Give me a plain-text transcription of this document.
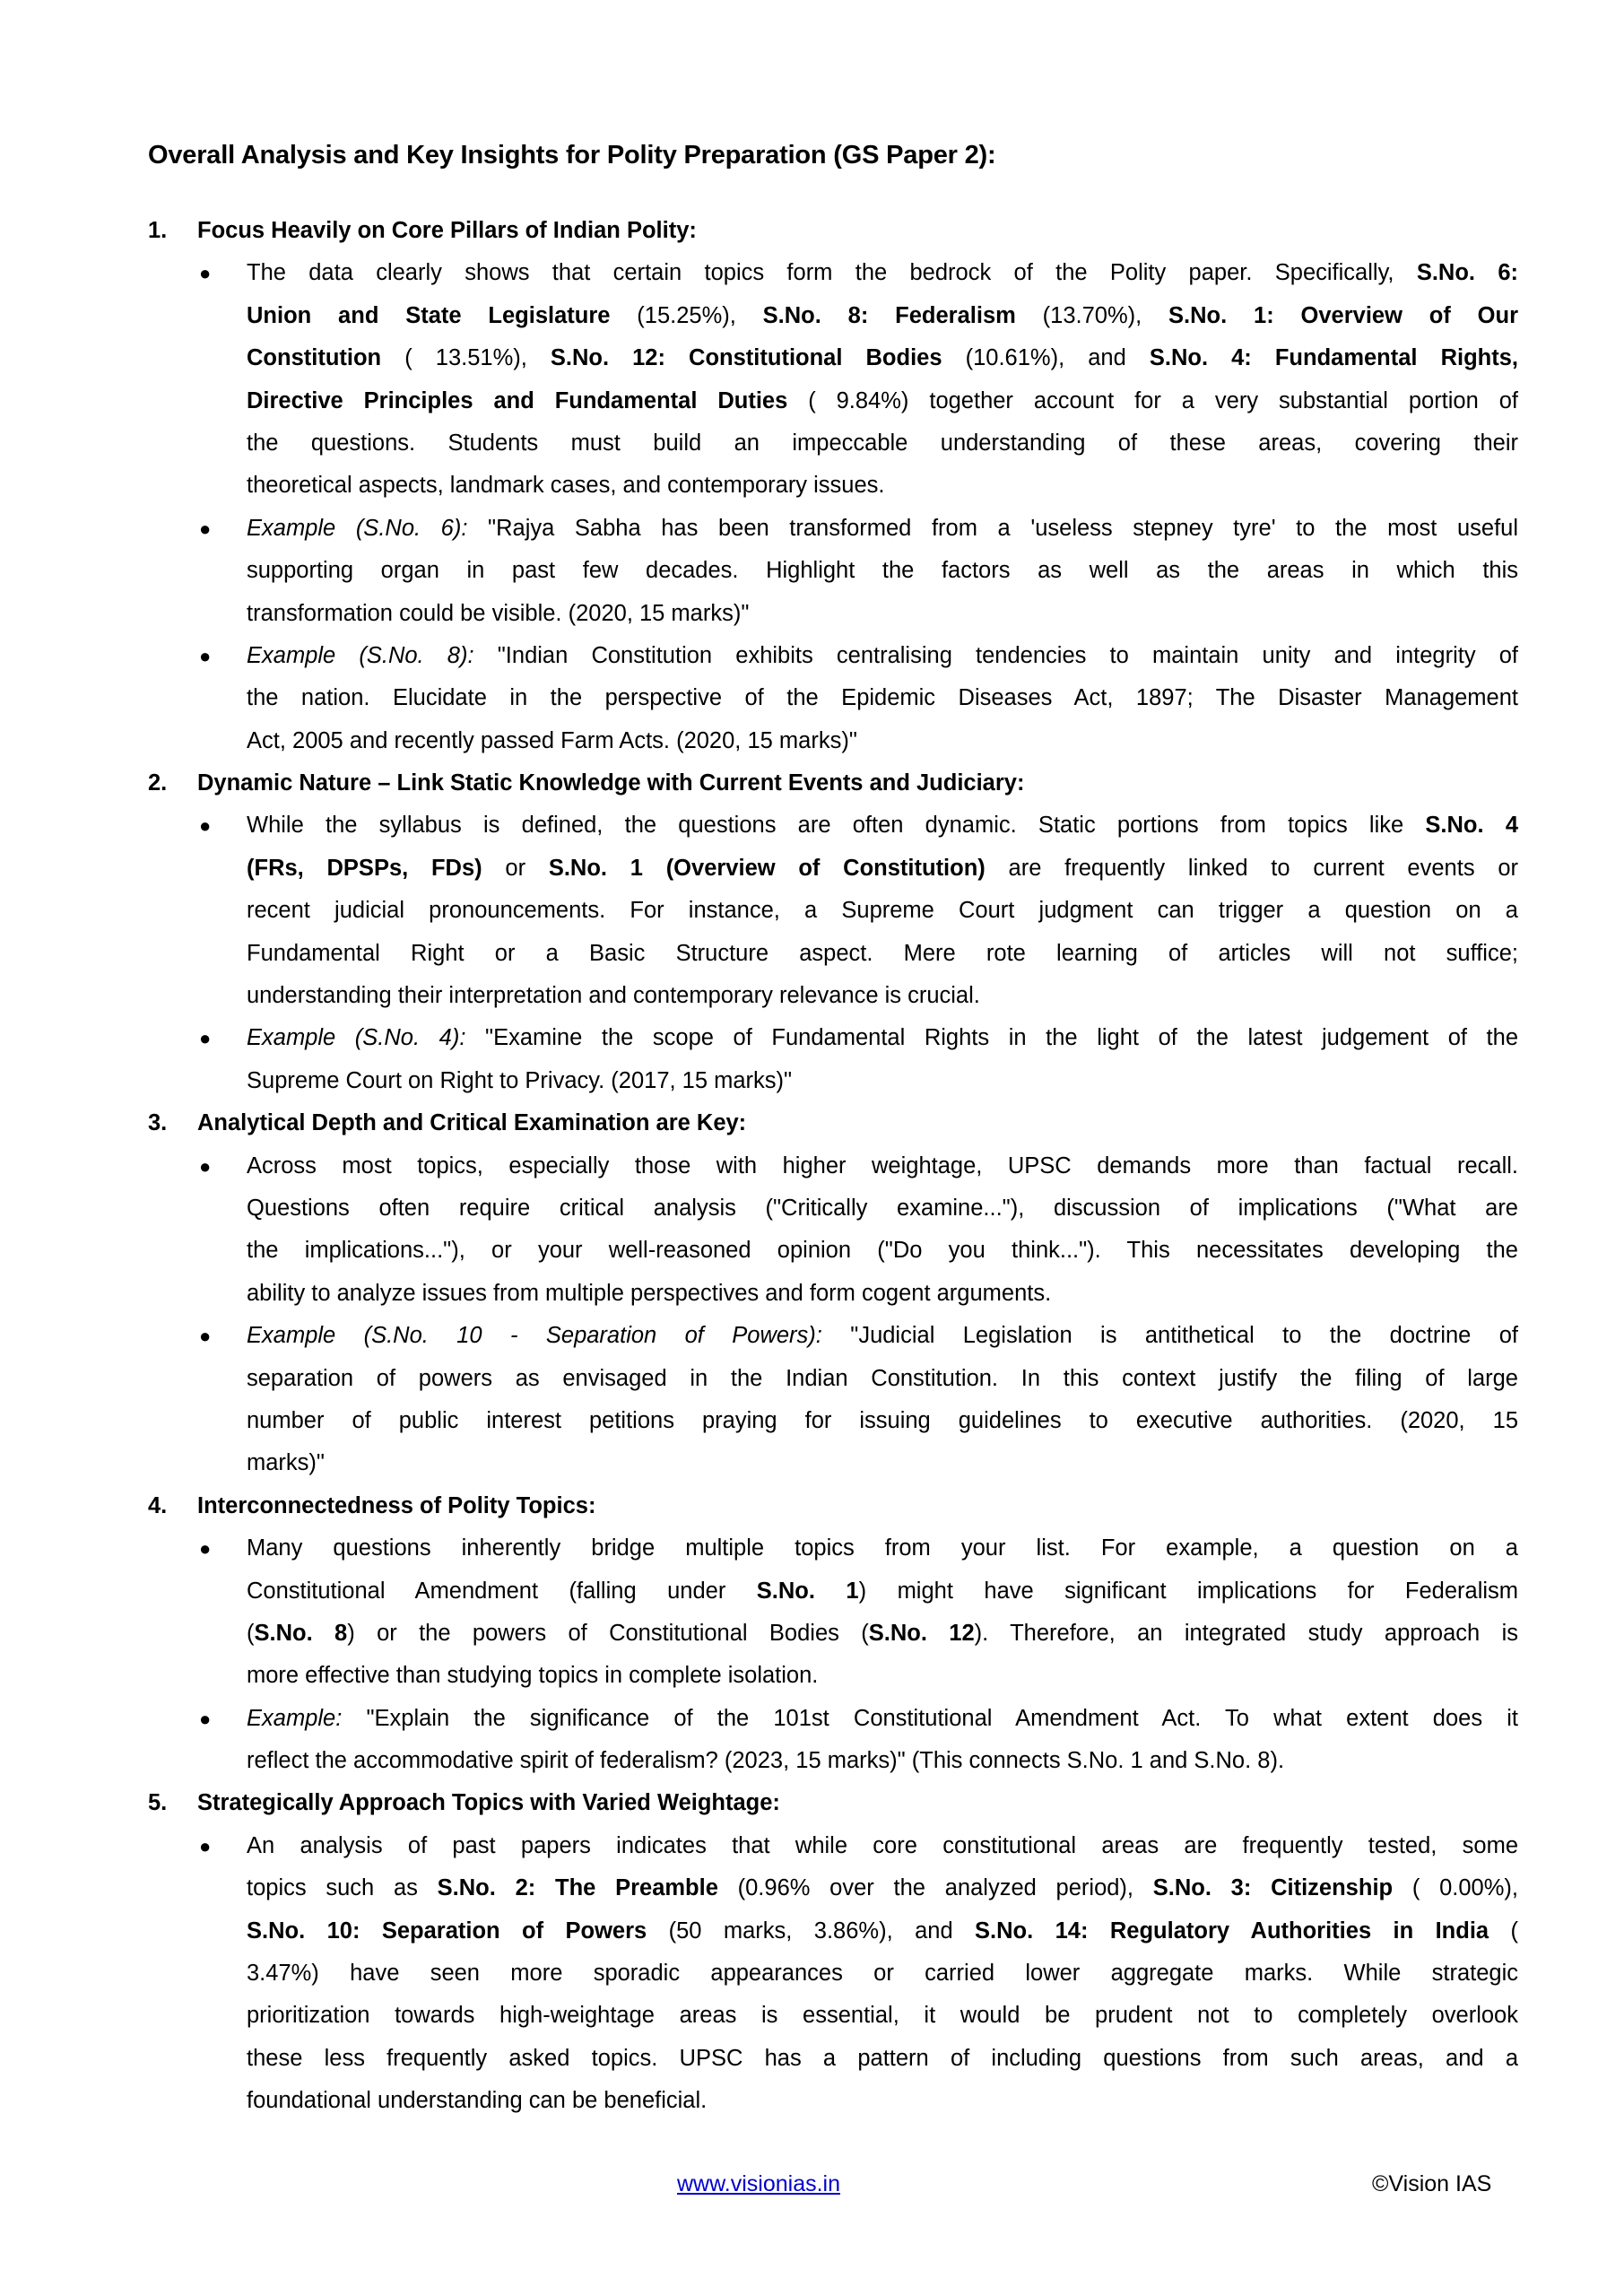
Overall Analysis and Key Insights for Polity Preparation (GS Paper 2):
1. Focus Heavily on Core Pillars of Indian Polity:
● The data clearly shows that certain topics form the bedrock of the Polity paper. Specifically, S.No. 6:
Union and State Legislature (15.25%), S.No. 8: Federalism (13.70%), S.No. 1: Overview of Our
Constitution ( 13.51%), S.No. 12: Constitutional Bodies (10.61%), and S.No. 4: Fundamental Rights,
Directive Principles and Fundamental Duties ( 9.84%) together account for a very substantial portion of
the questions. Students must build an impeccable understanding of these areas, covering their
theoretical aspects, landmark cases, and contemporary issues.
● Example (S.No. 6): "Rajya Sabha has been transformed from a 'useless stepney tyre' to the most useful
supporting organ in past few decades. Highlight the factors as well as the areas in which this
transformation could be visible. (2020, 15 marks)"
● Example (S.No. 8): "Indian Constitution exhibits centralising tendencies to maintain unity and integrity of
the nation. Elucidate in the perspective of the Epidemic Diseases Act, 1897; The Disaster Management
Act, 2005 and recently passed Farm Acts. (2020, 15 marks)"
2. Dynamic Nature – Link Static Knowledge with Current Events and Judiciary:
● While the syllabus is defined, the questions are often dynamic. Static portions from topics like S.No. 4
(FRs, DPSPs, FDs) or S.No. 1 (Overview of Constitution) are frequently linked to current events or
recent judicial pronouncements. For instance, a Supreme Court judgment can trigger a question on a
Fundamental Right or a Basic Structure aspect. Mere rote learning of articles will not suffice;
understanding their interpretation and contemporary relevance is crucial.
● Example (S.No. 4): "Examine the scope of Fundamental Rights in the light of the latest judgement of the
Supreme Court on Right to Privacy. (2017, 15 marks)"
3. Analytical Depth and Critical Examination are Key:
● Across most topics, especially those with higher weightage, UPSC demands more than factual recall.
Questions often require critical analysis ("Critically examine..."), discussion of implications ("What are
the implications..."), or your well-reasoned opinion ("Do you think..."). This necessitates developing the
ability to analyze issues from multiple perspectives and form cogent arguments.
● Example (S.No. 10 - Separation of Powers): "Judicial Legislation is antithetical to the doctrine of
separation of powers as envisaged in the Indian Constitution. In this context justify the filing of large
number of public interest petitions praying for issuing guidelines to executive authorities. (2020, 15
marks)"
4. Interconnectedness of Polity Topics:
● Many questions inherently bridge multiple topics from your list. For example, a question on a
Constitutional Amendment (falling under S.No. 1) might have significant implications for Federalism
(S.No. 8) or the powers of Constitutional Bodies (S.No. 12). Therefore, an integrated study approach is
more effective than studying topics in complete isolation.
● Example: "Explain the significance of the 101st Constitutional Amendment Act. To what extent does it
reflect the accommodative spirit of federalism? (2023, 15 marks)" (This connects S.No. 1 and S.No. 8).
5. Strategically Approach Topics with Varied Weightage:
● An analysis of past papers indicates that while core constitutional areas are frequently tested, some
topics such as S.No. 2: The Preamble (0.96% over the analyzed period), S.No. 3: Citizenship ( 0.00%),
S.No. 10: Separation of Powers (50 marks, 3.86%), and S.No. 14: Regulatory Authorities in India (
3.47%) have seen more sporadic appearances or carried lower aggregate marks. While strategic
prioritization towards high-weightage areas is essential, it would be prudent not to completely overlook
these less frequently asked topics. UPSC has a pattern of including questions from such areas, and a
foundational understanding can be beneficial.
www.visionias.in	©Vision IAS
